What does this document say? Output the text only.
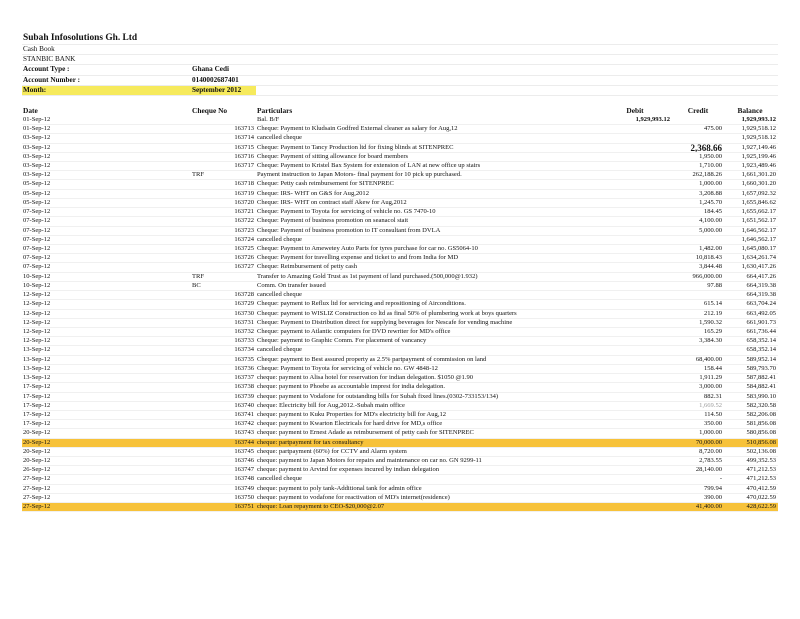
Subah Infosolutions Gh. Ltd
Cash Book
STANBIC BANK
Account Type :	Ghana Cedi
Account Number :	0140002687401
Month:	September 2012
Date	Cheque No	Particulars	Debit	Credit	Balance
01-Sep-12	Bal. B/F	1,929,993.12	1,929,993.12
01-Sep-12	163713 Cheque: Payment to Kludsain Godfred External cleaner as salary for Aug,12	475.00	1,929,518.12
03-Sep-12	163714 cancelled cheque	1,929,518.12
03-Sep-12	163715 Cheque: Payment to Tancy Production ltd for fixing blinds at SITENPREC	2,368.66	1,927,149.46
03-Sep-12	163716 Cheque: Payment of sitting allowance for board members	1,950.00	1,925,199.46
03-Sep-12	163717 Cheque: Payment to Kristel Bax System for extension of LAN at new office up stairs	1,710.00	1,923,489.46
03-Sep-12	TRF	Payment instruction to Japan Motors- final payment for 10 pick up purchased.	262,188.26	1,661,301.20
05-Sep-12	163718 Cheque: Petty cash reimbursement for SITENPREC	1,000.00	1,660,301.20
05-Sep-12	163719 Cheque: IRS- WHT on G&S for Aug,2012	3,208.88	1,657,092.32
05-Sep-12	163720 Cheque: IRS- WHT on contract staff Akew for Aug,2012	1,245.70	1,655,846.62
07-Sep-12	163721 Cheque: Payment to Toyota for servicing of vehicle no. GS 7470-10	184.45	1,655,662.17
07-Sep-12	163722 Cheque: Payment of business promotion on seanacol stait	4,100.00	1,651,562.17
07-Sep-12	163723 Cheque: Payment of business promotion to IT consultant from DVLA	5,000.00	1,646,562.17
07-Sep-12	163724 cancelled cheque	1,646,562.17
07-Sep-12	163725 Cheque: Payment to Amewetey Auto Parts for tyres purchase for car no. GS5064-10	1,482.00	1,645,080.17
07-Sep-12	163726 Cheque: Payment for travelling expense and ticket to and from India for MD	10,818.43	1,634,261.74
07-Sep-12	163727 Cheque: Reimbursement of petty cash	3,844.48	1,630,417.26
10-Sep-12	TRF	Transfer to Amazing Gold Trust as 1st payment of land purchased.(500,000@1.932)	966,000.00	664,417.26
10-Sep-12	BC	Comm. On transfer issued	97.88	664,319.38
12-Sep-12	163728 cancelled cheque	664,319.38
12-Sep-12	163729 Cheque: payment to Reflux ltd for servicing and repositioning of Airconditions.	615.14	663,704.24
12-Sep-12	163730 Cheque: payment to WISLIZ Construction co ltd as final 50% of plumbering work at boys quarters	212.19	663,492.05
12-Sep-12	163731 Cheque: Payment to Distribution direct for supplying beverages for Nescafe for vending machine	1,590.32	661,901.73
12-Sep-12	163732 Cheque: payment to Atlantic computers for DVD rewriter for MD's office	165.29	661,736.44
12-Sep-12	163733 Cheque: payment to Graphic Comm. For placement of vancancy	3,384.30	658,352.14
13-Sep-12	163734 cancelled cheque	658,352.14
13-Sep-12	163735 Cheque: payment to Best assured property as 2.5% partpayment of commission on land	68,400.00	589,952.14
13-Sep-12	163736 Cheque: Payment to Toyota for servicing of vehicle no. GW 4848-12	158.44	589,793.70
13-Sep-12	163737 cheque: payment to Alisa hotel for reservation for indian delegation. $1050 @1.90	1,911.29	587,882.41
17-Sep-12	163738 cheque: payment to Phoebe as accountable imprest for india delegation.	3,000.00	584,882.41
17-Sep-12	163739 cheque: payment to Vodafone for outstanding bills for Subah fixed lines.(0302-733153/134)	882.31	583,990.10
17-Sep-12	163740 cheque: Electricity bill for Aug,2012.-Subah main office	1,669.52	582,320.58
17-Sep-12	163741 cheque: payment to Kuku Properties for MD's electricity bill for Aug,12	114.50	582,206.08
17-Sep-12	163742 cheque: payment to Kwarton Electricals for hard drive for MD,s office	350.00	581,856.08
20-Sep-12	163743 cheque: payment to Ernest Adade as reimbursement of petty cash for SITENPREC	1,000.00	580,856.08
20-Sep-12	163744 cheque: partpayment for tax consultancy	70,000.00	510,856.08
20-Sep-12	163745 cheque: partpayment (60%) for CCTV and Alarm system	8,720.00	502,136.08
20-Sep-12	163746 cheque: payment to Japan Motors for repairs and maintenance on car no. GN 9299-11	2,783.55	499,352.53
26-Sep-12	163747 cheque: payment to Arvind for expenses incured by indian delegation	28,140.00	471,212.53
27-Sep-12	163748 cancelled cheque	-	471,212.53
27-Sep-12	163749 cheque: payment to poly tank-Additional tank for admin office	799.94	470,412.59
27-Sep-12	163750 cheque: payment to vodafone for reactivation of MD's internet(residence)	390.00	470,022.59
27-Sep-12	163751 cheque: Loan repayment to CEO-$20,000@2.07	41,400.00	428,622.59
